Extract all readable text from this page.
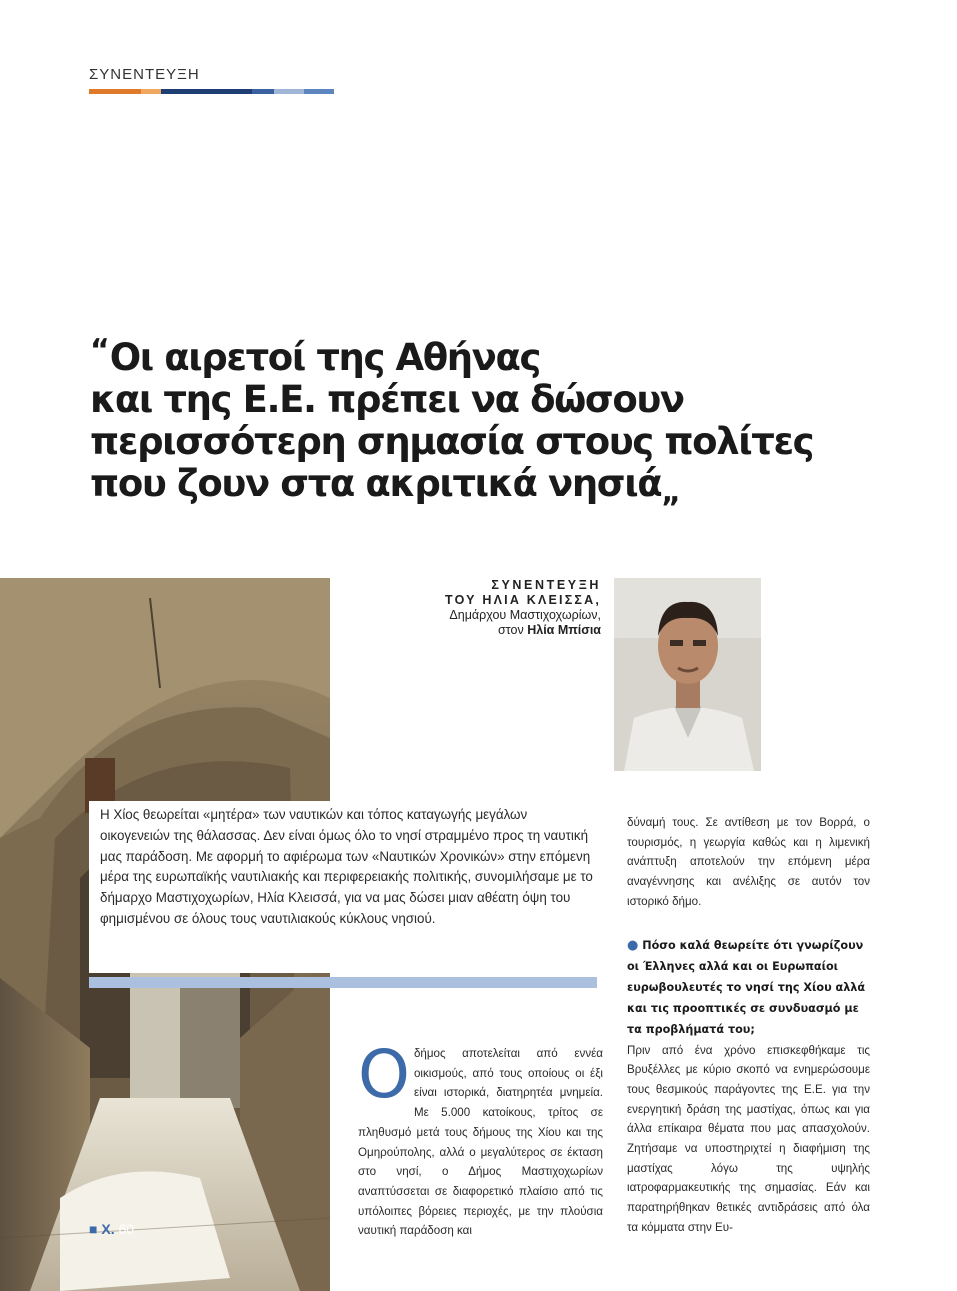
ΣΥΝΕΝΤΕΥΞΗ
“Οι αιρετοί της Αθήνας
και της Ε.Ε. πρέπει να δώσουν
περισσότερη σημασία στους πολίτες
που ζουν στα ακριτικά νησιά„
ΣΥΝΕΝΤΕΥΞΗ
ΤΟΥ ΗΛΙΑ ΚΛΕΙΣΣΑ,
Δημάρχου Μαστιχοχωρίων,
στον Ηλία Μπίσια
Η Χίος θεωρείται «μητέρα» των ναυτικών και τόπος καταγωγής μεγάλων οικογενειών της θάλασσας. Δεν είναι όμως όλο το νησί στραμμένο προς τη ναυτική μας παράδοση. Με αφορμή το αφιέρωμα των «Ναυτικών Χρονικών» στην επόμενη μέρα της ευρωπαϊκής ναυτιλιακής και περιφερειακής πολιτικής, συνομιλήσαμε με το δήμαρχο Μαστιχοχωρίων, Ηλία Κλεισσά, για να μας δώσει μιαν αθέατη όψη του φημισμένου σε όλους τους ναυτιλιακούς κύκλους νησιού.
Οδήμος αποτελείται από εννέα οικισμούς, από τους οποίους οι έξι είναι ιστορικά, διατηρητέα μνημεία. Με 5.000 κατοίκους, τρίτος σε πληθυσμό μετά τους δήμους της Χίου και της Ομηρούπολης, αλλά ο μεγαλύτερος σε έκταση στο νησί, ο Δήμος Μαστιχοχωρίων αναπτύσσεται σε διαφορετικό πλαίσιο από τις υπόλοιπες βόρειες περιοχές, με την πλούσια ναυτική παράδοση και

δύναμή τους. Σε αντίθεση με τον Βορρά, ο τουρισμός, η γεωργία καθώς και η λιμενική ανάπτυξη αποτελούν την επόμενη μέρα αναγέννησης και ανέλιξης σε αυτόν τον ιστορικό δήμο.

● Πόσο καλά θεωρείτε ότι γνωρίζουν οι Έλληνες αλλά και οι Ευρωπαίοι ευρωβουλευτές το νησί της Χίου αλλά και τις προοπτικές σε συνδυασμό με τα προβλήματά του;

Πριν από ένα χρόνο επισκεφθήκαμε τις Βρυξέλλες με κύριο σκοπό να ενημερώσουμε τους θεσμικούς παράγοντες της Ε.Ε. για την ενεργητική δράση της μαστίχας, όπως και για άλλα επίκαιρα θέματα που μας απασχολούν. Ζητήσαμε να υποστηριχτεί η διαφήμιση της μαστίχας λόγω της υψηλής ιατροφαρμακευτικής της σημασίας. Εάν και παρατηρήθηκαν θετικές αντιδράσεις από όλα τα κόμματα στην Ευ-

■ Χ. 60
